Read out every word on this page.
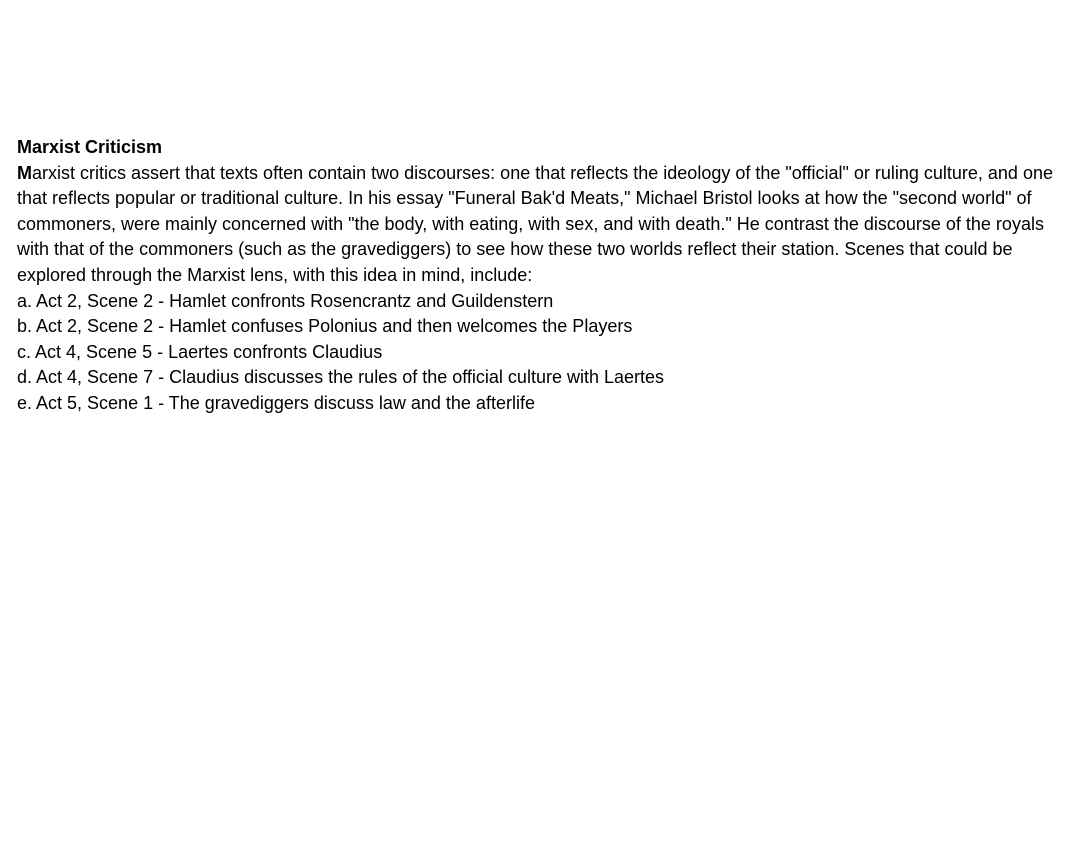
Marxist Criticism

Marxist critics assert that texts often contain two discourses: one that reflects the ideology of the "official" or ruling culture, and one that reflects popular or traditional culture. In his essay "Funeral Bak'd Meats," Michael Bristol looks at how the "second world" of commoners, were mainly concerned with "the body, with eating, with sex, and with death." He contrast the discourse of the royals with that of the commoners (such as the gravediggers) to see how these two worlds reflect their station. Scenes that could be explored through the Marxist lens, with this idea in mind, include:

a. Act 2, Scene 2 - Hamlet confronts Rosencrantz and Guildenstern
b. Act 2, Scene 2 - Hamlet confuses Polonius and then welcomes the Players
c. Act 4, Scene 5 - Laertes confronts Claudius
d. Act 4, Scene 7 - Claudius discusses the rules of the official culture with Laertes
e. Act 5, Scene 1 - The gravediggers discuss law and the afterlife
